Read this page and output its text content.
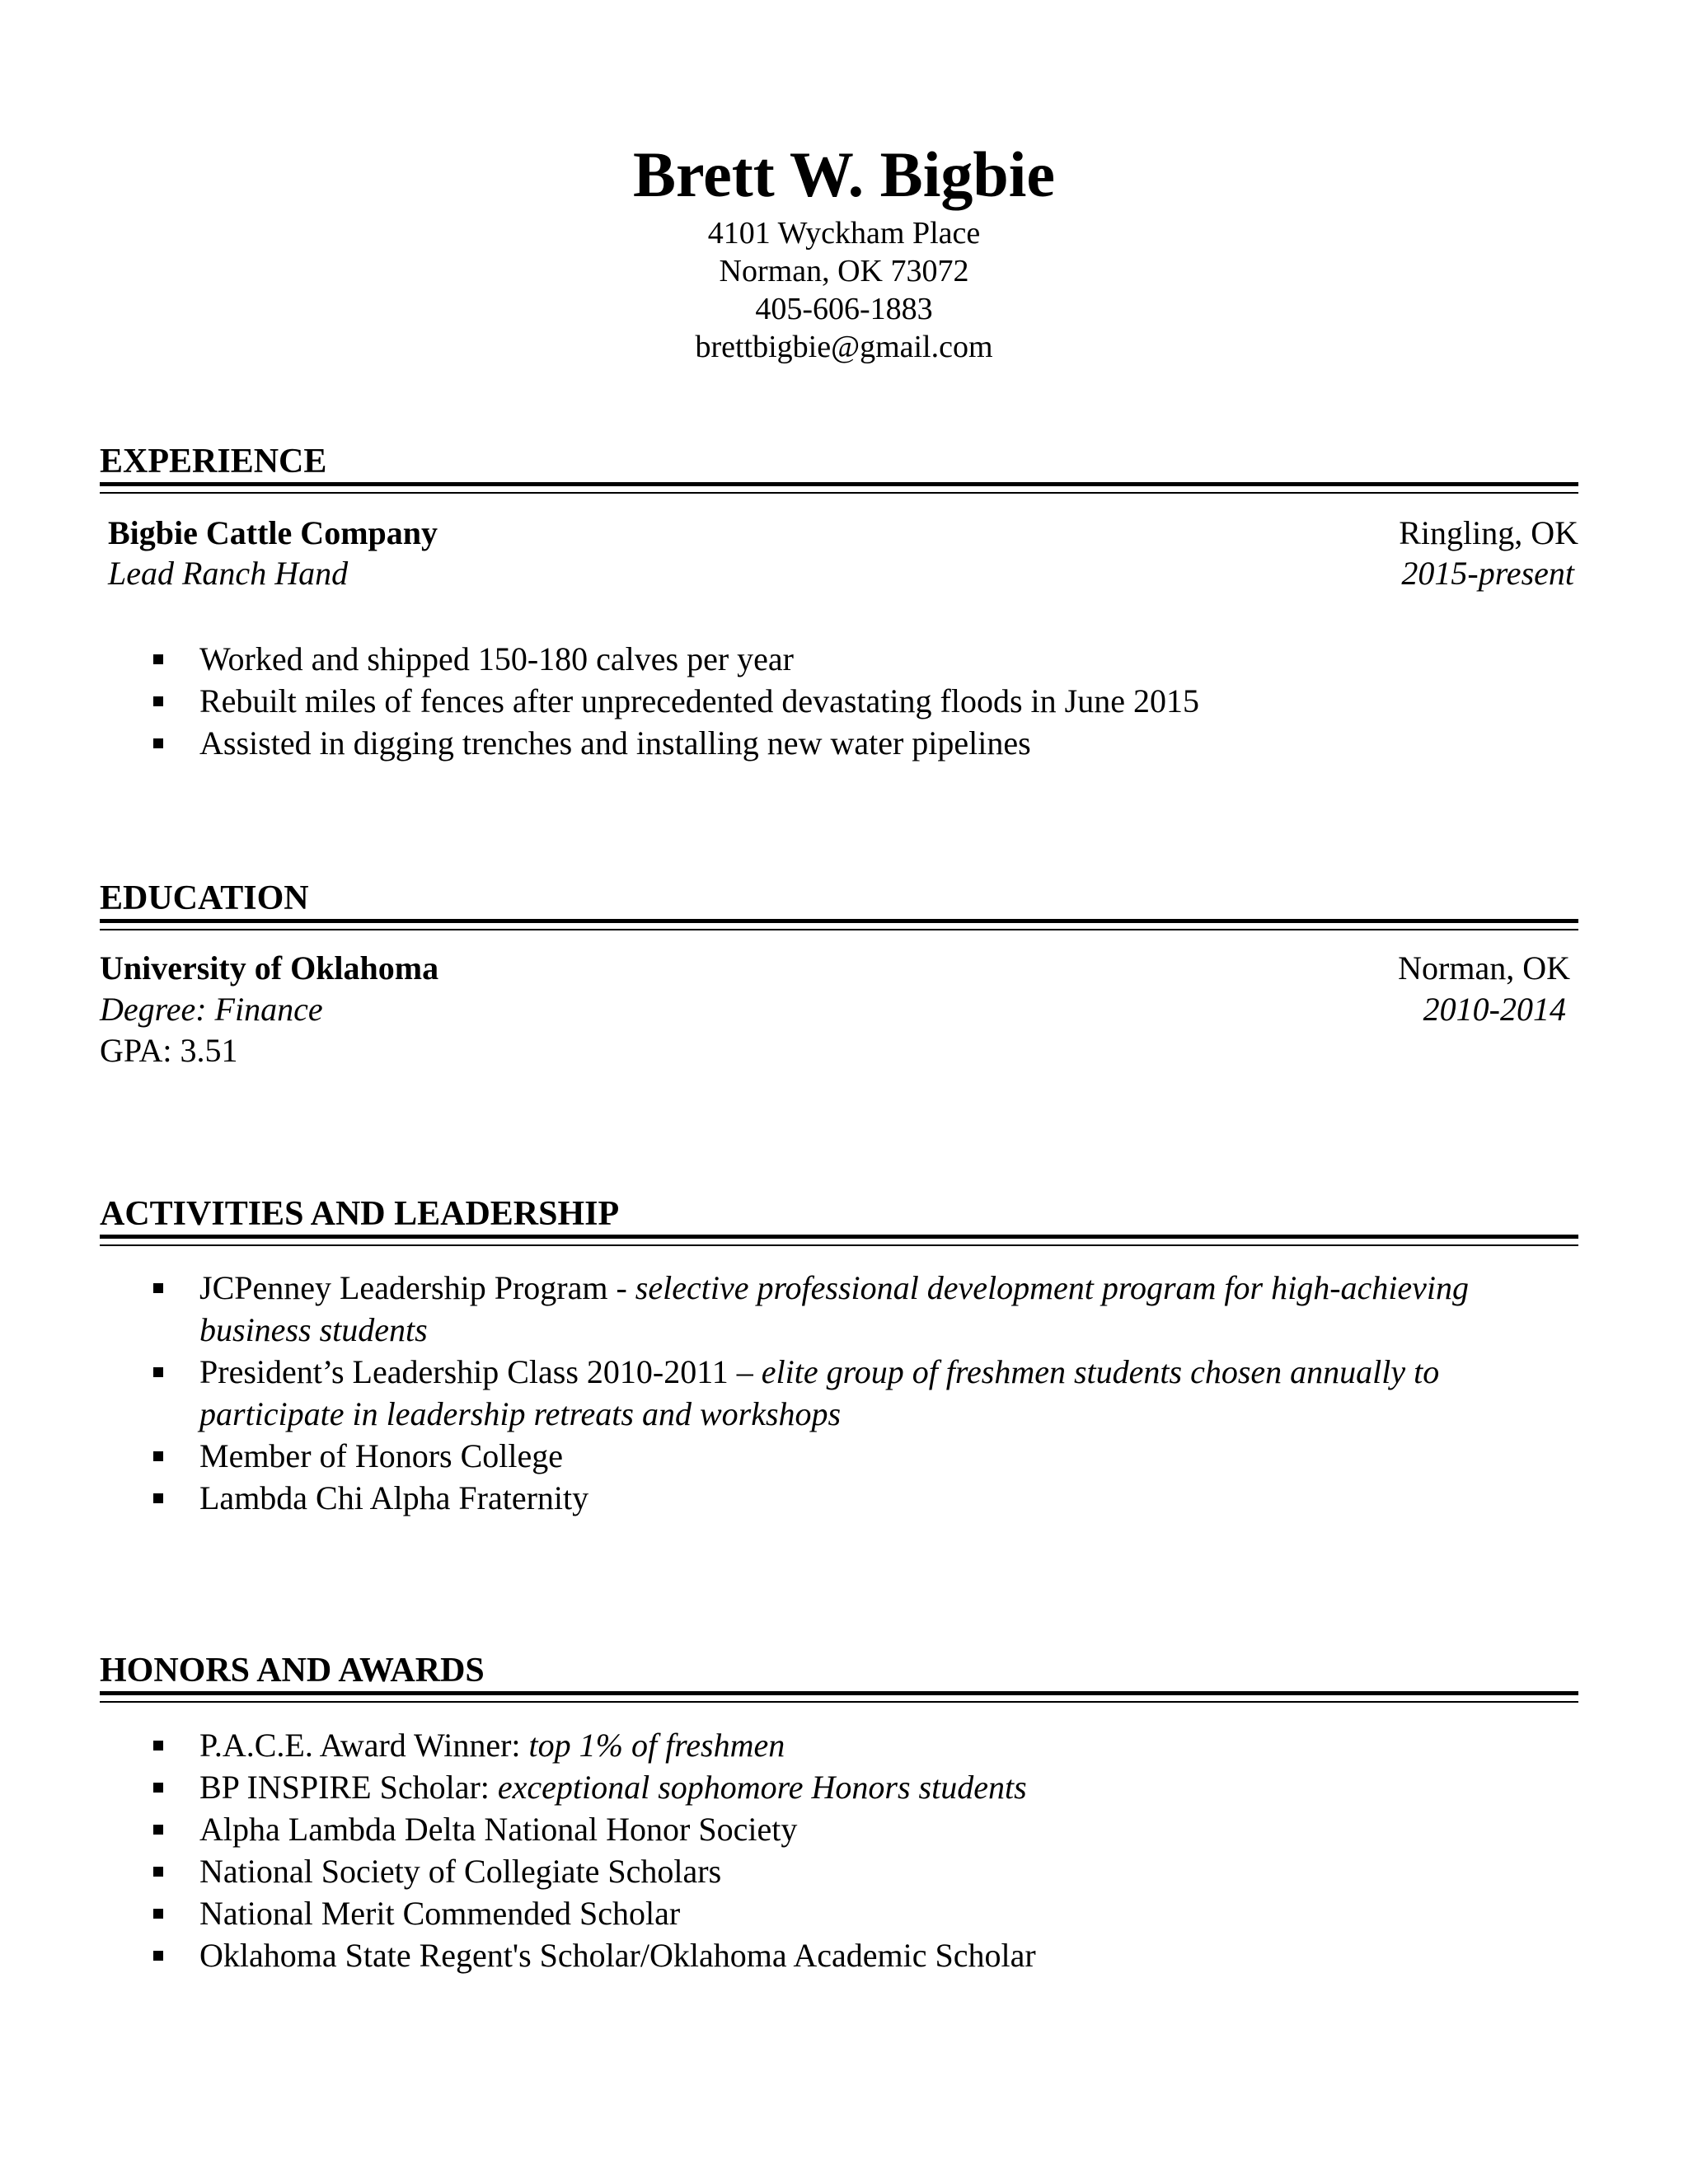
Brett W. Bigbie
4101 Wyckham Place
Norman, OK 73072
405-606-1883
brettbigbie@gmail.com
EXPERIENCE
Bigbie Cattle Company	Ringling, OK
Lead Ranch Hand	2015-present
Worked and shipped 150-180 calves per year
Rebuilt miles of fences after unprecedented devastating floods in June 2015
Assisted in digging trenches and installing new water pipelines
EDUCATION
University of Oklahoma	Norman, OK
Degree: Finance	2010-2014
GPA: 3.51
ACTIVITIES AND LEADERSHIP
JCPenney Leadership Program - selective professional development program for high-achieving
business students
President’s Leadership Class 2010-2011 – elite group of freshmen students chosen annually to
participate in leadership retreats and workshops
Member of Honors College
Lambda Chi Alpha Fraternity
HONORS AND AWARDS
P.A.C.E. Award Winner: top 1% of freshmen
BP INSPIRE Scholar: exceptional sophomore Honors students
Alpha Lambda Delta National Honor Society
National Society of Collegiate Scholars
National Merit Commended Scholar
Oklahoma State Regent's Scholar/Oklahoma Academic Scholar
